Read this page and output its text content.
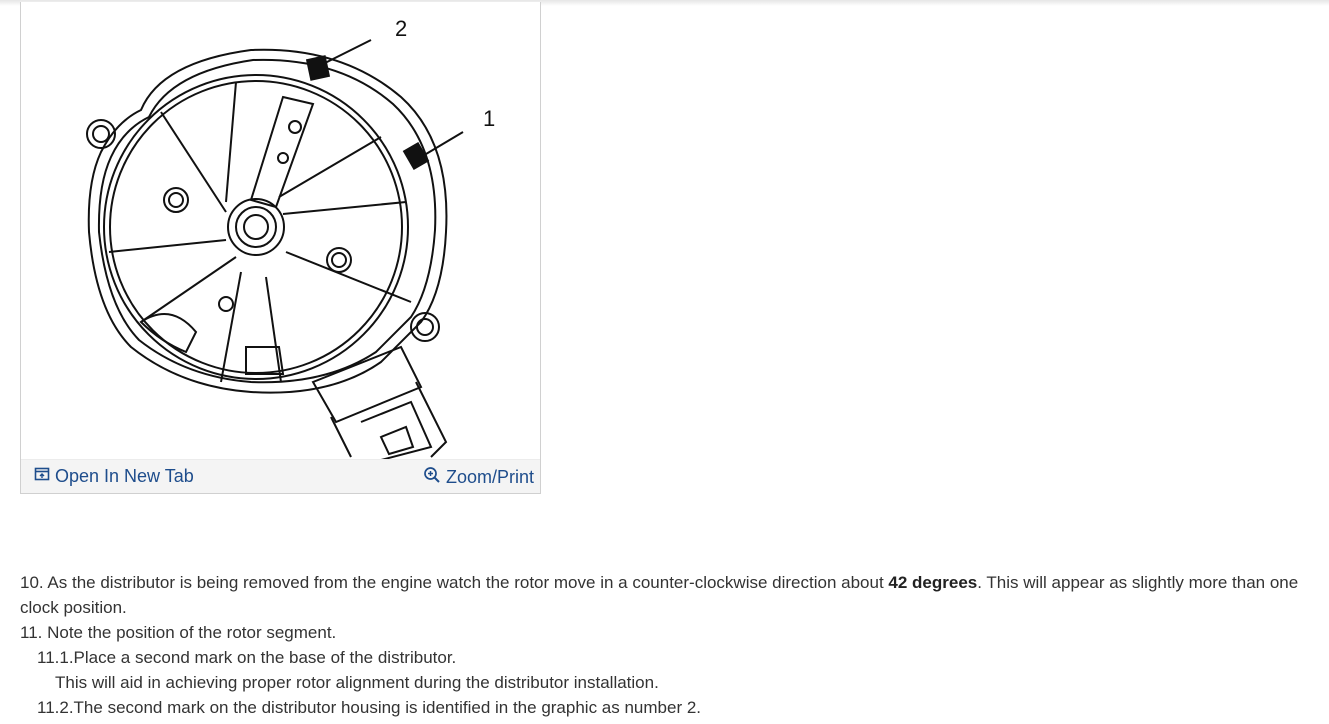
2
1
Open In New Tab	Zoom/Print

10. As the distributor is being removed from the engine watch the rotor move in a counter-clockwise direction about 42 degrees. This will appear as slightly more than one clock position.

11. Note the position of the rotor segment.

11.1.Place a second mark on the base of the distributor.

This will aid in achieving proper rotor alignment during the distributor installation.

11.2.The second mark on the distributor housing is identified in the graphic as number 2.
